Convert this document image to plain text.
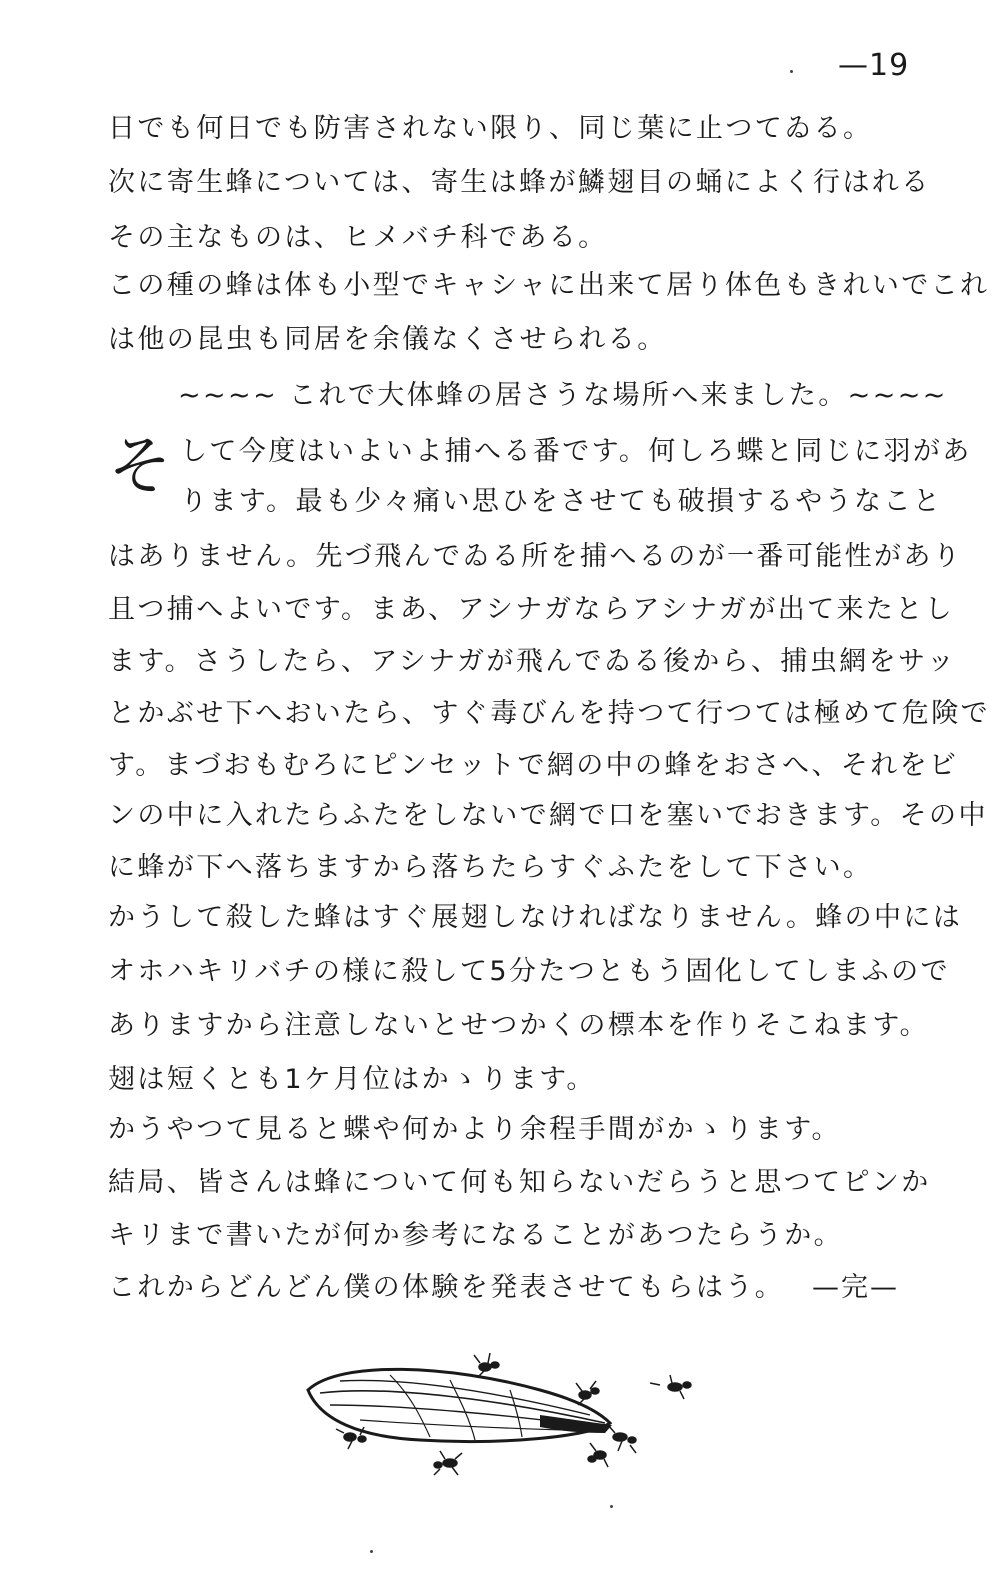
—19
日でも何日でも防害されない限り、同じ葉に止つてゐる。
次に寄生蜂については、寄生は蜂が鱗翅目の蛹によく行はれる
その主なものは、ヒメバチ科である。
この種の蜂は体も小型でキャシャに出来て居り体色もきれいでこれ
は他の昆虫も同居を余儀なくさせられる。
~~~~ これで大体蜂の居さうな場所へ来ました。~~~~
そ して今度はいよいよ捕へる番です。何しろ蝶と同じに羽があ
ります。最も少々痛い思ひをさせても破損するやうなこと
はありません。先づ飛んでゐる所を捕へるのが一番可能性があり
且つ捕へよいです。まあ、アシナガならアシナガが出て来たとし
ます。さうしたら、アシナガが飛んでゐる後から、捕虫網をサッ
とかぶせ下へおいたら、すぐ毒びんを持つて行つては極めて危険で
す。まづおもむろにピンセットで網の中の蜂をおさへ、それをビ
ンの中に入れたらふたをしないで網で口を塞いでおきます。その中
に蜂が下へ落ちますから落ちたらすぐふたをして下さい。
かうして殺した蜂はすぐ展翅しなければなりません。蜂の中には
オホハキリバチの様に殺して5分たつともう固化してしまふので
ありますから注意しないとせつかくの標本を作りそこねます。
翅は短くとも1ケ月位はかゝります。
かうやつて見ると蝶や何かより余程手間がかゝります。
結局、皆さんは蜂について何も知らないだらうと思つてピンか
キリまで書いたが何か参考になることがあつたらうか。
これからどんどん僕の体験を発表させてもらはう。 —完—
